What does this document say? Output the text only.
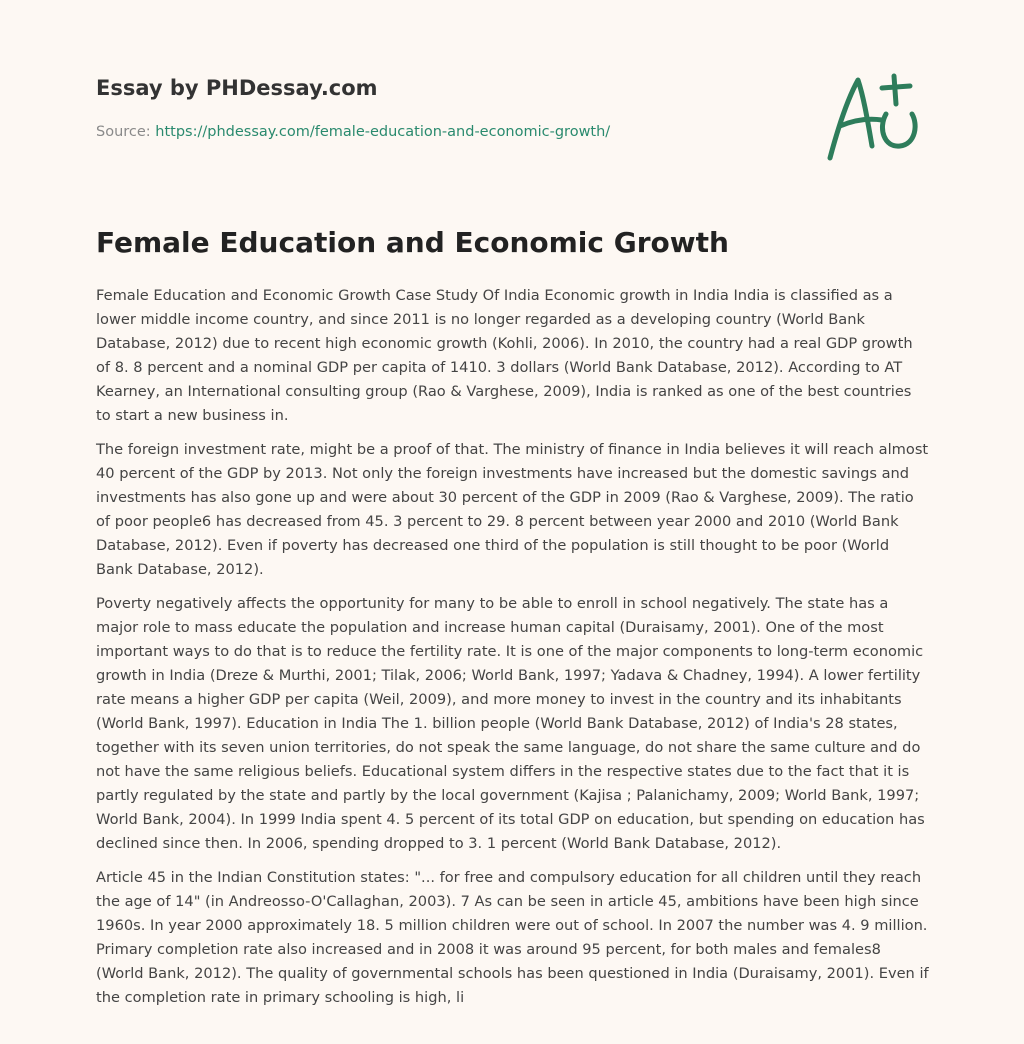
Essay by PHDessay.com
Source: https://phdessay.com/female-education-and-economic-growth/
Female Education and Economic Growth

Female Education and Economic Growth Case Study Of India Economic growth in India India is classified as a lower middle income country, and since 2011 is no longer regarded as a developing country (World Bank Database, 2012) due to recent high economic growth (Kohli, 2006). In 2010, the country had a real GDP growth of 8. 8 percent and a nominal GDP per capita of 1410. 3 dollars (World Bank Database, 2012). According to AT Kearney, an International consulting group (Rao & Varghese, 2009), India is ranked as one of the best countries to start a new business in.

The foreign investment rate, might be a proof of that. The ministry of finance in India believes it will reach almost 40 percent of the GDP by 2013. Not only the foreign investments have increased but the domestic savings and investments has also gone up and were about 30 percent of the GDP in 2009 (Rao & Varghese, 2009). The ratio of poor people6 has decreased from 45. 3 percent to 29. 8 percent between year 2000 and 2010 (World Bank Database, 2012). Even if poverty has decreased one third of the population is still thought to be poor (World Bank Database, 2012).

Poverty negatively affects the opportunity for many to be able to enroll in school negatively. The state has a major role to mass educate the population and increase human capital (Duraisamy, 2001). One of the most important ways to do that is to reduce the fertility rate. It is one of the major components to long-term economic growth in India (Dreze & Murthi, 2001; Tilak, 2006; World Bank, 1997; Yadava & Chadney, 1994). A lower fertility rate means a higher GDP per capita (Weil, 2009), and more money to invest in the country and its inhabitants (World Bank, 1997). Education in India The 1. billion people (World Bank Database, 2012) of India's 28 states, together with its seven union territories, do not speak the same language, do not share the same culture and do not have the same religious beliefs. Educational system differs in the respective states due to the fact that it is partly regulated by the state and partly by the local government (Kajisa ; Palanichamy, 2009; World Bank, 1997; World Bank, 2004). In 1999 India spent 4. 5 percent of its total GDP on education, but spending on education has declined since then. In 2006, spending dropped to 3. 1 percent (World Bank Database, 2012).

Article 45 in the Indian Constitution states: "... for free and compulsory education for all children until they reach the age of 14" (in Andreosso-O'Callaghan, 2003). 7 As can be seen in article 45, ambitions have been high since 1960s. In year 2000 approximately 18. 5 million children were out of school. In 2007 the number was 4. 9 million. Primary completion rate also increased and in 2008 it was around 95 percent, for both males and females8 (World Bank, 2012). The quality of governmental schools has been questioned in India (Duraisamy, 2001). Even if the completion rate in primary schooling is high, li
